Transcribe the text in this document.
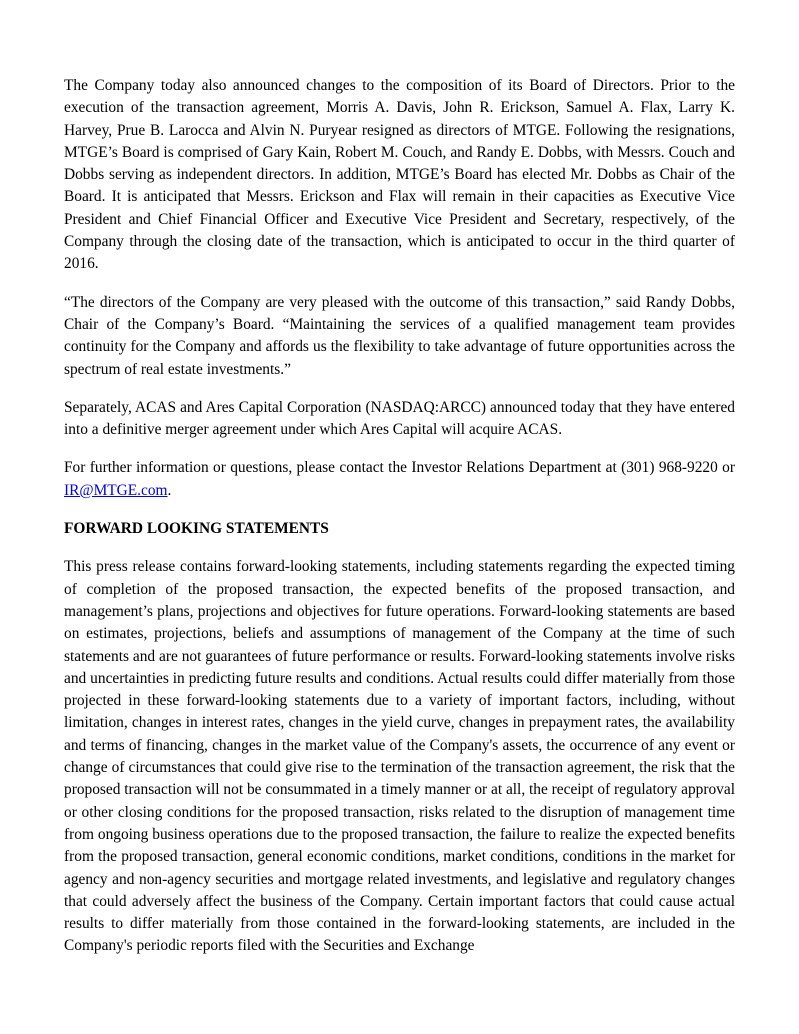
The Company today also announced changes to the composition of its Board of Directors. Prior to the execution of the transaction agreement, Morris A. Davis, John R. Erickson, Samuel A. Flax, Larry K. Harvey, Prue B. Larocca and Alvin N. Puryear resigned as directors of MTGE. Following the resignations, MTGE’s Board is comprised of Gary Kain, Robert M. Couch, and Randy E. Dobbs, with Messrs. Couch and Dobbs serving as independent directors. In addition, MTGE’s Board has elected Mr. Dobbs as Chair of the Board. It is anticipated that Messrs. Erickson and Flax will remain in their capacities as Executive Vice President and Chief Financial Officer and Executive Vice President and Secretary, respectively, of the Company through the closing date of the transaction, which is anticipated to occur in the third quarter of 2016.

“The directors of the Company are very pleased with the outcome of this transaction,” said Randy Dobbs, Chair of the Company’s Board. “Maintaining the services of a qualified management team provides continuity for the Company and affords us the flexibility to take advantage of future opportunities across the spectrum of real estate investments.”

Separately, ACAS and Ares Capital Corporation (NASDAQ:ARCC) announced today that they have entered into a definitive merger agreement under which Ares Capital will acquire ACAS.

For further information or questions, please contact the Investor Relations Department at (301) 968-9220 or IR@MTGE.com.

FORWARD LOOKING STATEMENTS

This press release contains forward-looking statements, including statements regarding the expected timing of completion of the proposed transaction, the expected benefits of the proposed transaction, and management’s plans, projections and objectives for future operations. Forward-looking statements are based on estimates, projections, beliefs and assumptions of management of the Company at the time of such statements and are not guarantees of future performance or results. Forward-looking statements involve risks and uncertainties in predicting future results and conditions. Actual results could differ materially from those projected in these forward-looking statements due to a variety of important factors, including, without limitation, changes in interest rates, changes in the yield curve, changes in prepayment rates, the availability and terms of financing, changes in the market value of the Company's assets, the occurrence of any event or change of circumstances that could give rise to the termination of the transaction agreement, the risk that the proposed transaction will not be consummated in a timely manner or at all, the receipt of regulatory approval or other closing conditions for the proposed transaction, risks related to the disruption of management time from ongoing business operations due to the proposed transaction, the failure to realize the expected benefits from the proposed transaction, general economic conditions, market conditions, conditions in the market for agency and non-agency securities and mortgage related investments, and legislative and regulatory changes that could adversely affect the business of the Company. Certain important factors that could cause actual results to differ materially from those contained in the forward-looking statements, are included in the Company's periodic reports filed with the Securities and Exchange
